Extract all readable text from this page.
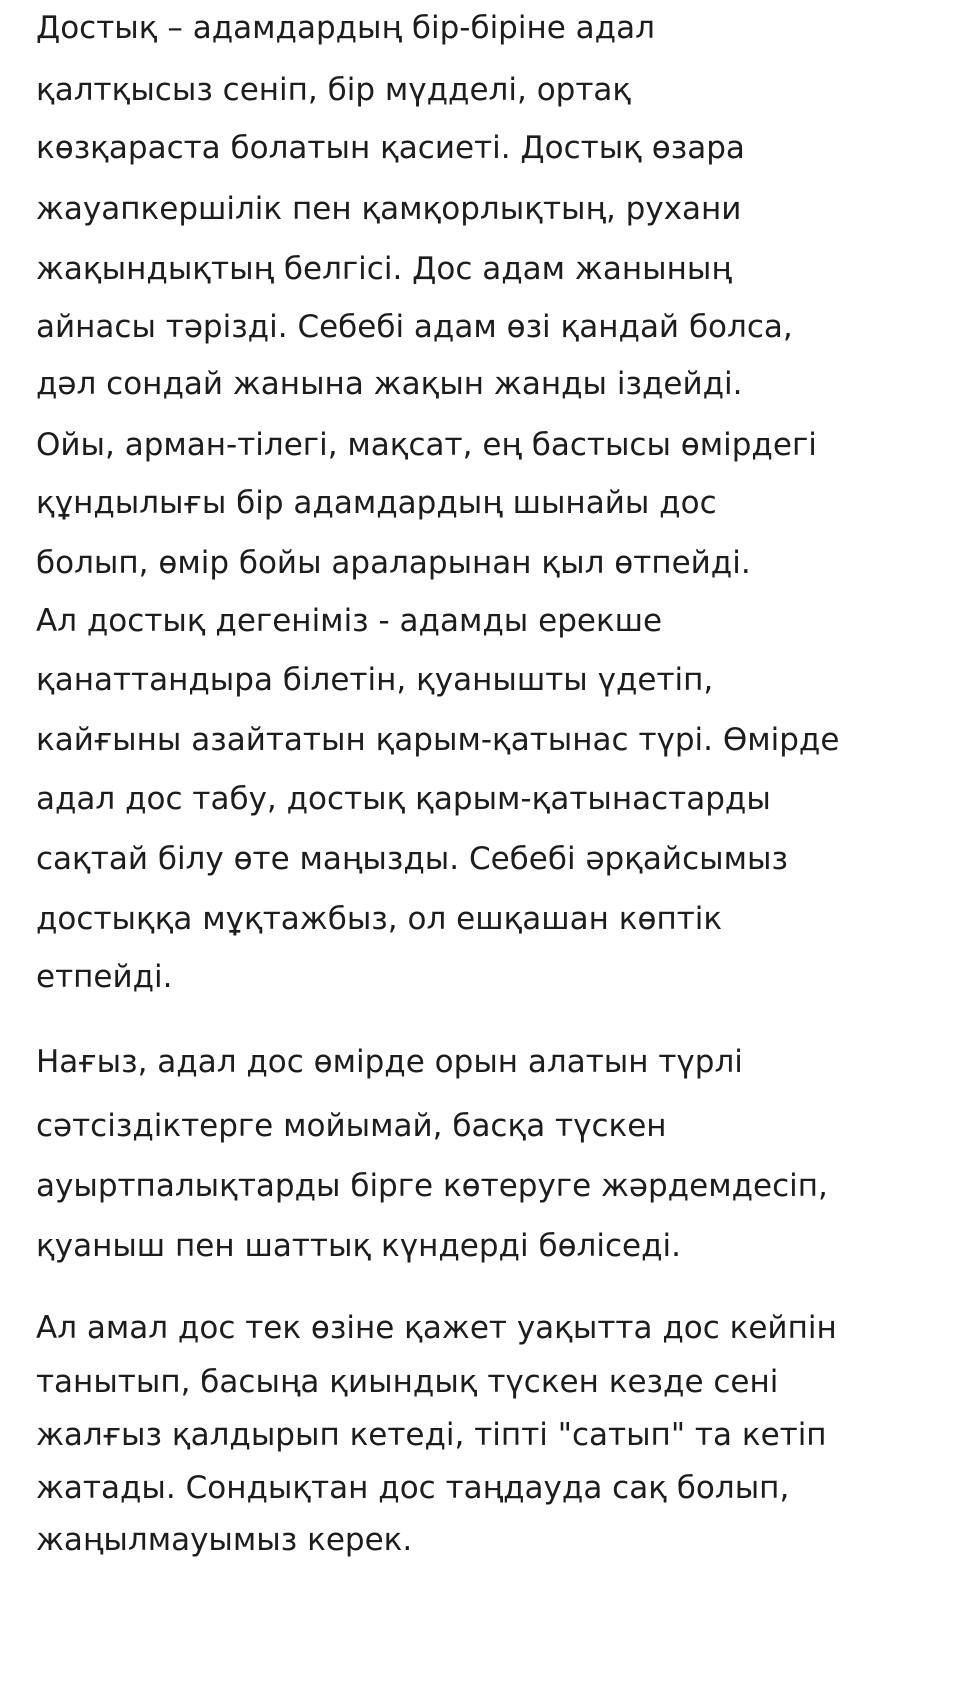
Достық – адамдардың бір-біріне адал

қалтқысыз сеніп, бір мүдделі, ортақ

көзқараста болатын қасиеті. Достық өзара

жауапкершілік пен қамқорлықтың, рухани

жақындықтың белгісі. Дос адам жанының

айнасы тәрізді. Себебі адам өзі қандай болса,

дәл сондай жанына жақын жанды іздейді.

Ойы, арман-тілегі, мақсат, ең бастысы өмірдегі

құндылығы бір адамдардың шынайы дос

болып, өмір бойы араларынан қыл өтпейді.

Ал достық дегеніміз - адамды ерекше

қанаттандыра білетін, қуанышты үдетіп,

кайғыны азайтатын қарым-қатынас түрі. Өмірде

адал дос табу, достық қарым-қатынастарды

сақтай білу өте маңызды. Себебі әрқайсымыз

достыққа мұқтажбыз, ол ешқашан көптік

етпейді.

Нағыз, адал дос өмірде орын алатын түрлі

сәтсіздіктерге мойымай, басқа түскен

ауыртпалықтарды бірге көтеруге жәрдемдесіп,

қуаныш пен шаттық күндерді бөліседі.

Ал амал дос тек өзіне қажет уақытта дос кейпін

танытып, басыңа қиындық түскен кезде сені

жалғыз қалдырып кетеді, тіпті "сатып" та кетіп

жатады. Сондықтан дос таңдауда сақ болып,

жаңылмауымыз керек.
